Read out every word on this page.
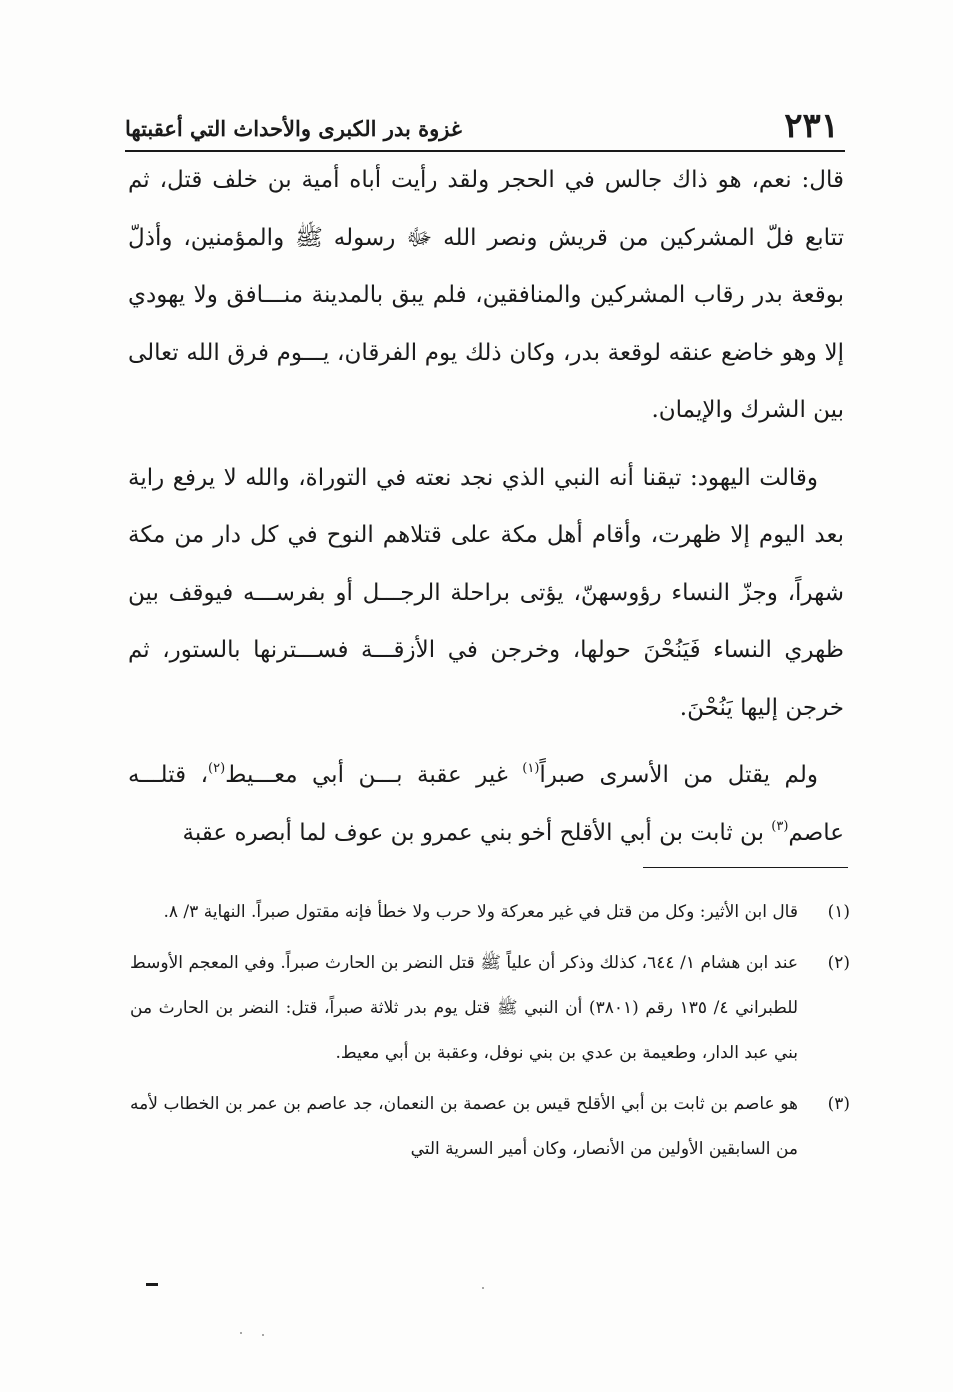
٢٣١
غزوة بدر الكبرى والأحداث التي أعقبتها

قال: نعم، هو ذاك جالس في الحجر ولقد رأيت أباه أمية بن خلف قتل، ثم تتابع فلّ المشركين من قريش ونصر الله ﷻ رسوله ﷺ والمؤمنين، وأذلّ بوقعة بدر رقاب المشركين والمنافقين، فلم يبق بالمدينة منـــافق ولا يهودي إلا وهو خاضع عنقه لوقعة بدر، وكان ذلك يوم الفرقان، يـــوم فرق الله تعالى بين الشرك والإيمان.

وقالت اليهود: تيقنا أنه النبي الذي نجد نعته في التوراة، والله لا يرفع راية بعد اليوم إلا ظهرت، وأقام أهل مكة على قتلاهم النوح في كل دار من مكة شهراً، وجزّ النساء رؤوسهنّ، يؤتى براحلة الرجـــل أو بفرســـه فيوقف بين ظهري النساء فَيَنُحْنَ حولها، وخرجن في الأزقـــة فســـترنها بالستور، ثم خرجن إليها يَنُحْنَ.

ولم يقتل من الأسرى صبراً$^{(١)}$ غير عقبة بـــن أبي معـــيط$^{(٢)}$، قتلـــه عاصم$^{(٣)}$ بن ثابت بن أبي الأقلح أخو بني عمرو بن عوف لما أبصره عقبة

(١)
قال ابن الأثير: وكل من قتل في غير معركة ولا حرب ولا خطأ فإنه مقتول صبراً. النهاية ٣/ ٨.
(٢)
عند ابن هشام ١/ ٦٤٤، كذلك وذكر أن علياً ﷺ قتل النضر بن الحارث صبراً. وفي المعجم الأوسط للطبراني ٤/ ١٣٥ رقم (٣٨٠١) أن النبي ﷺ قتل يوم بدر ثلاثة صبراً، قتل: النضر بن الحارث من بني عبد الدار، وطعيمة بن عدي بن بني نوفل، وعقبة بن أبي معيط.
(٣)
هو عاصم بن ثابت بن أبي الأقلح قيس بن عصمة بن النعمان، جد عاصم بن عمر بن الخطاب لأمه من السابقين الأولين من الأنصار، وكان أمير السرية التي
